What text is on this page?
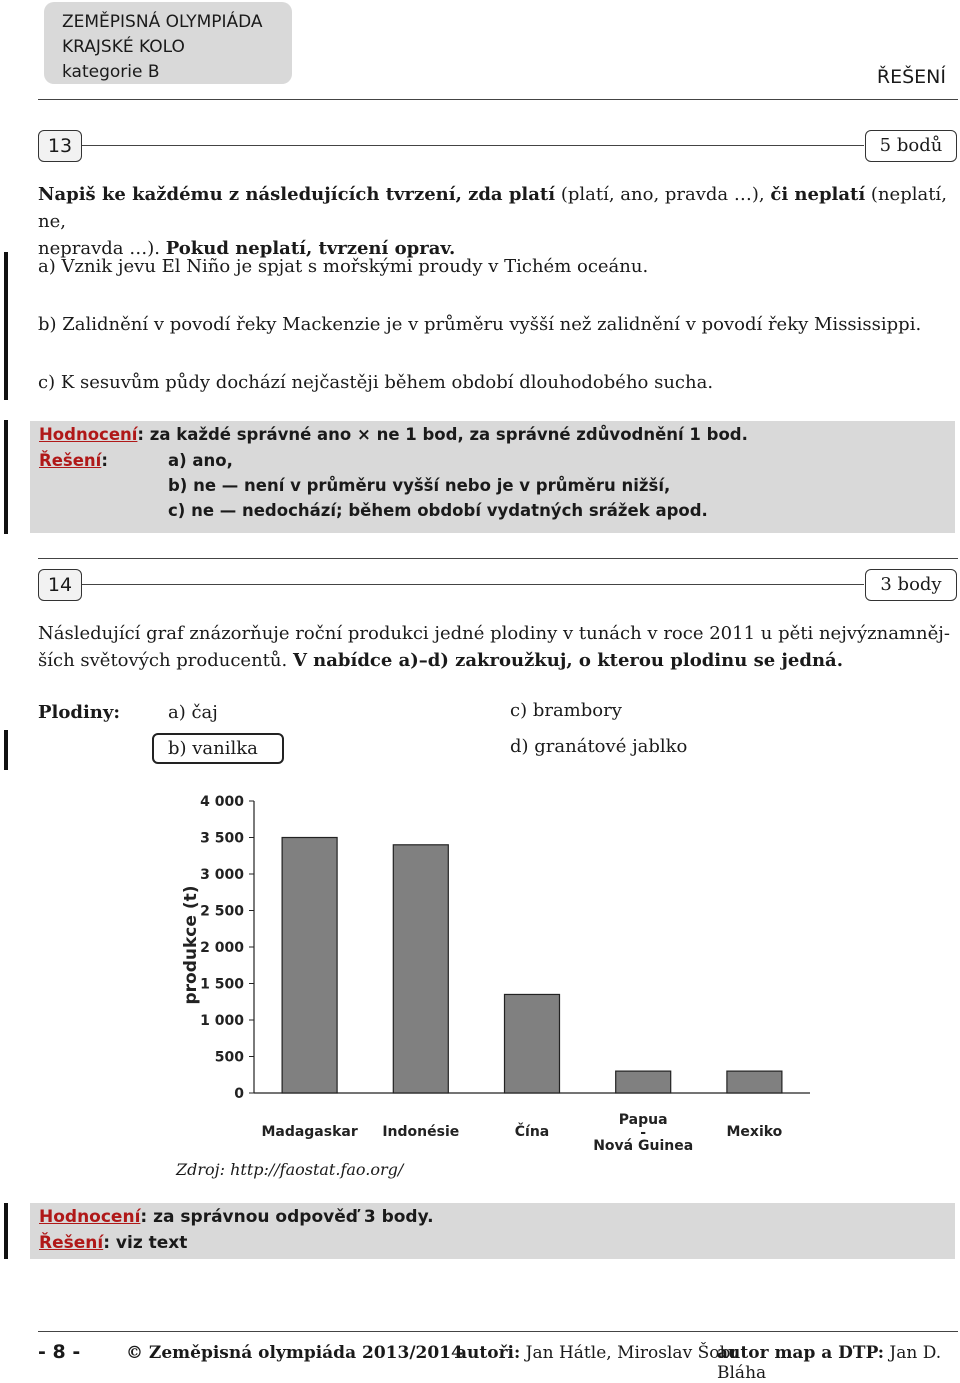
ZEMĚPISNÁ OLYMPIÁDA
KRAJSKÉ KOLO
kategorie B	ŘEŠENÍ
13	5 bodů
Napiš ke každému z následujících tvrzení, zda platí (platí, ano, pravda …), či neplatí (neplatí, ne,
nepravda …). Pokud neplatí, tvrzení oprav.
a) Vznik jevu El Niño je spjat s mořskými proudy v Tichém oceánu.
b) Zalidnění v povodí řeky Mackenzie je v průměru vyšší než zalidnění v povodí řeky Mississippi.
c) K sesuvům půdy dochází nejčastěji během období dlouhodobého sucha.
Hodnocení: za každé správné ano × ne 1 bod, za správné zdůvodnění 1 bod.
Řešení:	a) ano,
b) ne — není v průměru vyšší nebo je v průměru nižší,
c) ne — nedochází; během období vydatných srážek apod.
14	3 body
Následující graf znázorňuje roční produkci jedné plodiny v tunách v roce 2011 u pěti nejvýznamněj-
ších světových producentů. V nabídce a)–d) zakroužkuj, o kterou plodinu se jedná.
Plodiny:	a) čaj
b) vanilka
c) brambory
d) granátové jablko
produkce (t)
0
500
1 000
1 500
2 000
2 500
3 000
3 500
4 000
Madagaskar Indonésie	Čína
Papua
-
Nová Guinea
Mexiko
Zdroj: http://faostat.fao.org/
Hodnocení: za správnou odpověď 3 body.
Řešení: viz text
- 8 -	© Zeměpisná olympiáda 2013/2014
autoři: Jan Hátle, Miroslav Šobr
autor map a DTP: Jan D. Bláha
